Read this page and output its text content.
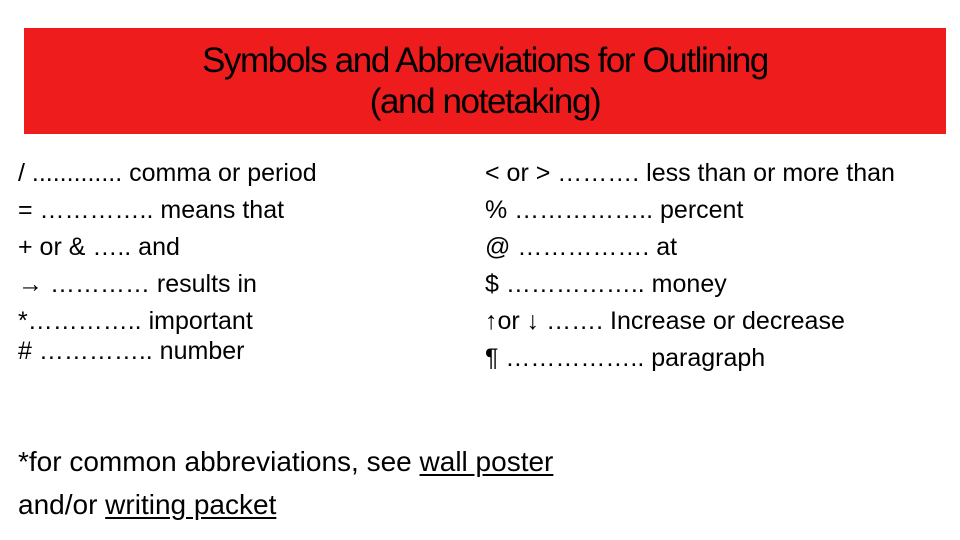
Symbols and Abbreviations for Outlining
(and notetaking)
/ ............. comma or period
= ………….. means that
+ or & ….. and
→ ………… results in
*………….. important
# ………….. number
< or > ………. less than or more than
% …………….. percent
@ ……………. at
$ …………….. money
↑or ↓ ……. Increase or decrease
¶ …………….. paragraph
*for common abbreviations, see wall poster
and/or writing packet
